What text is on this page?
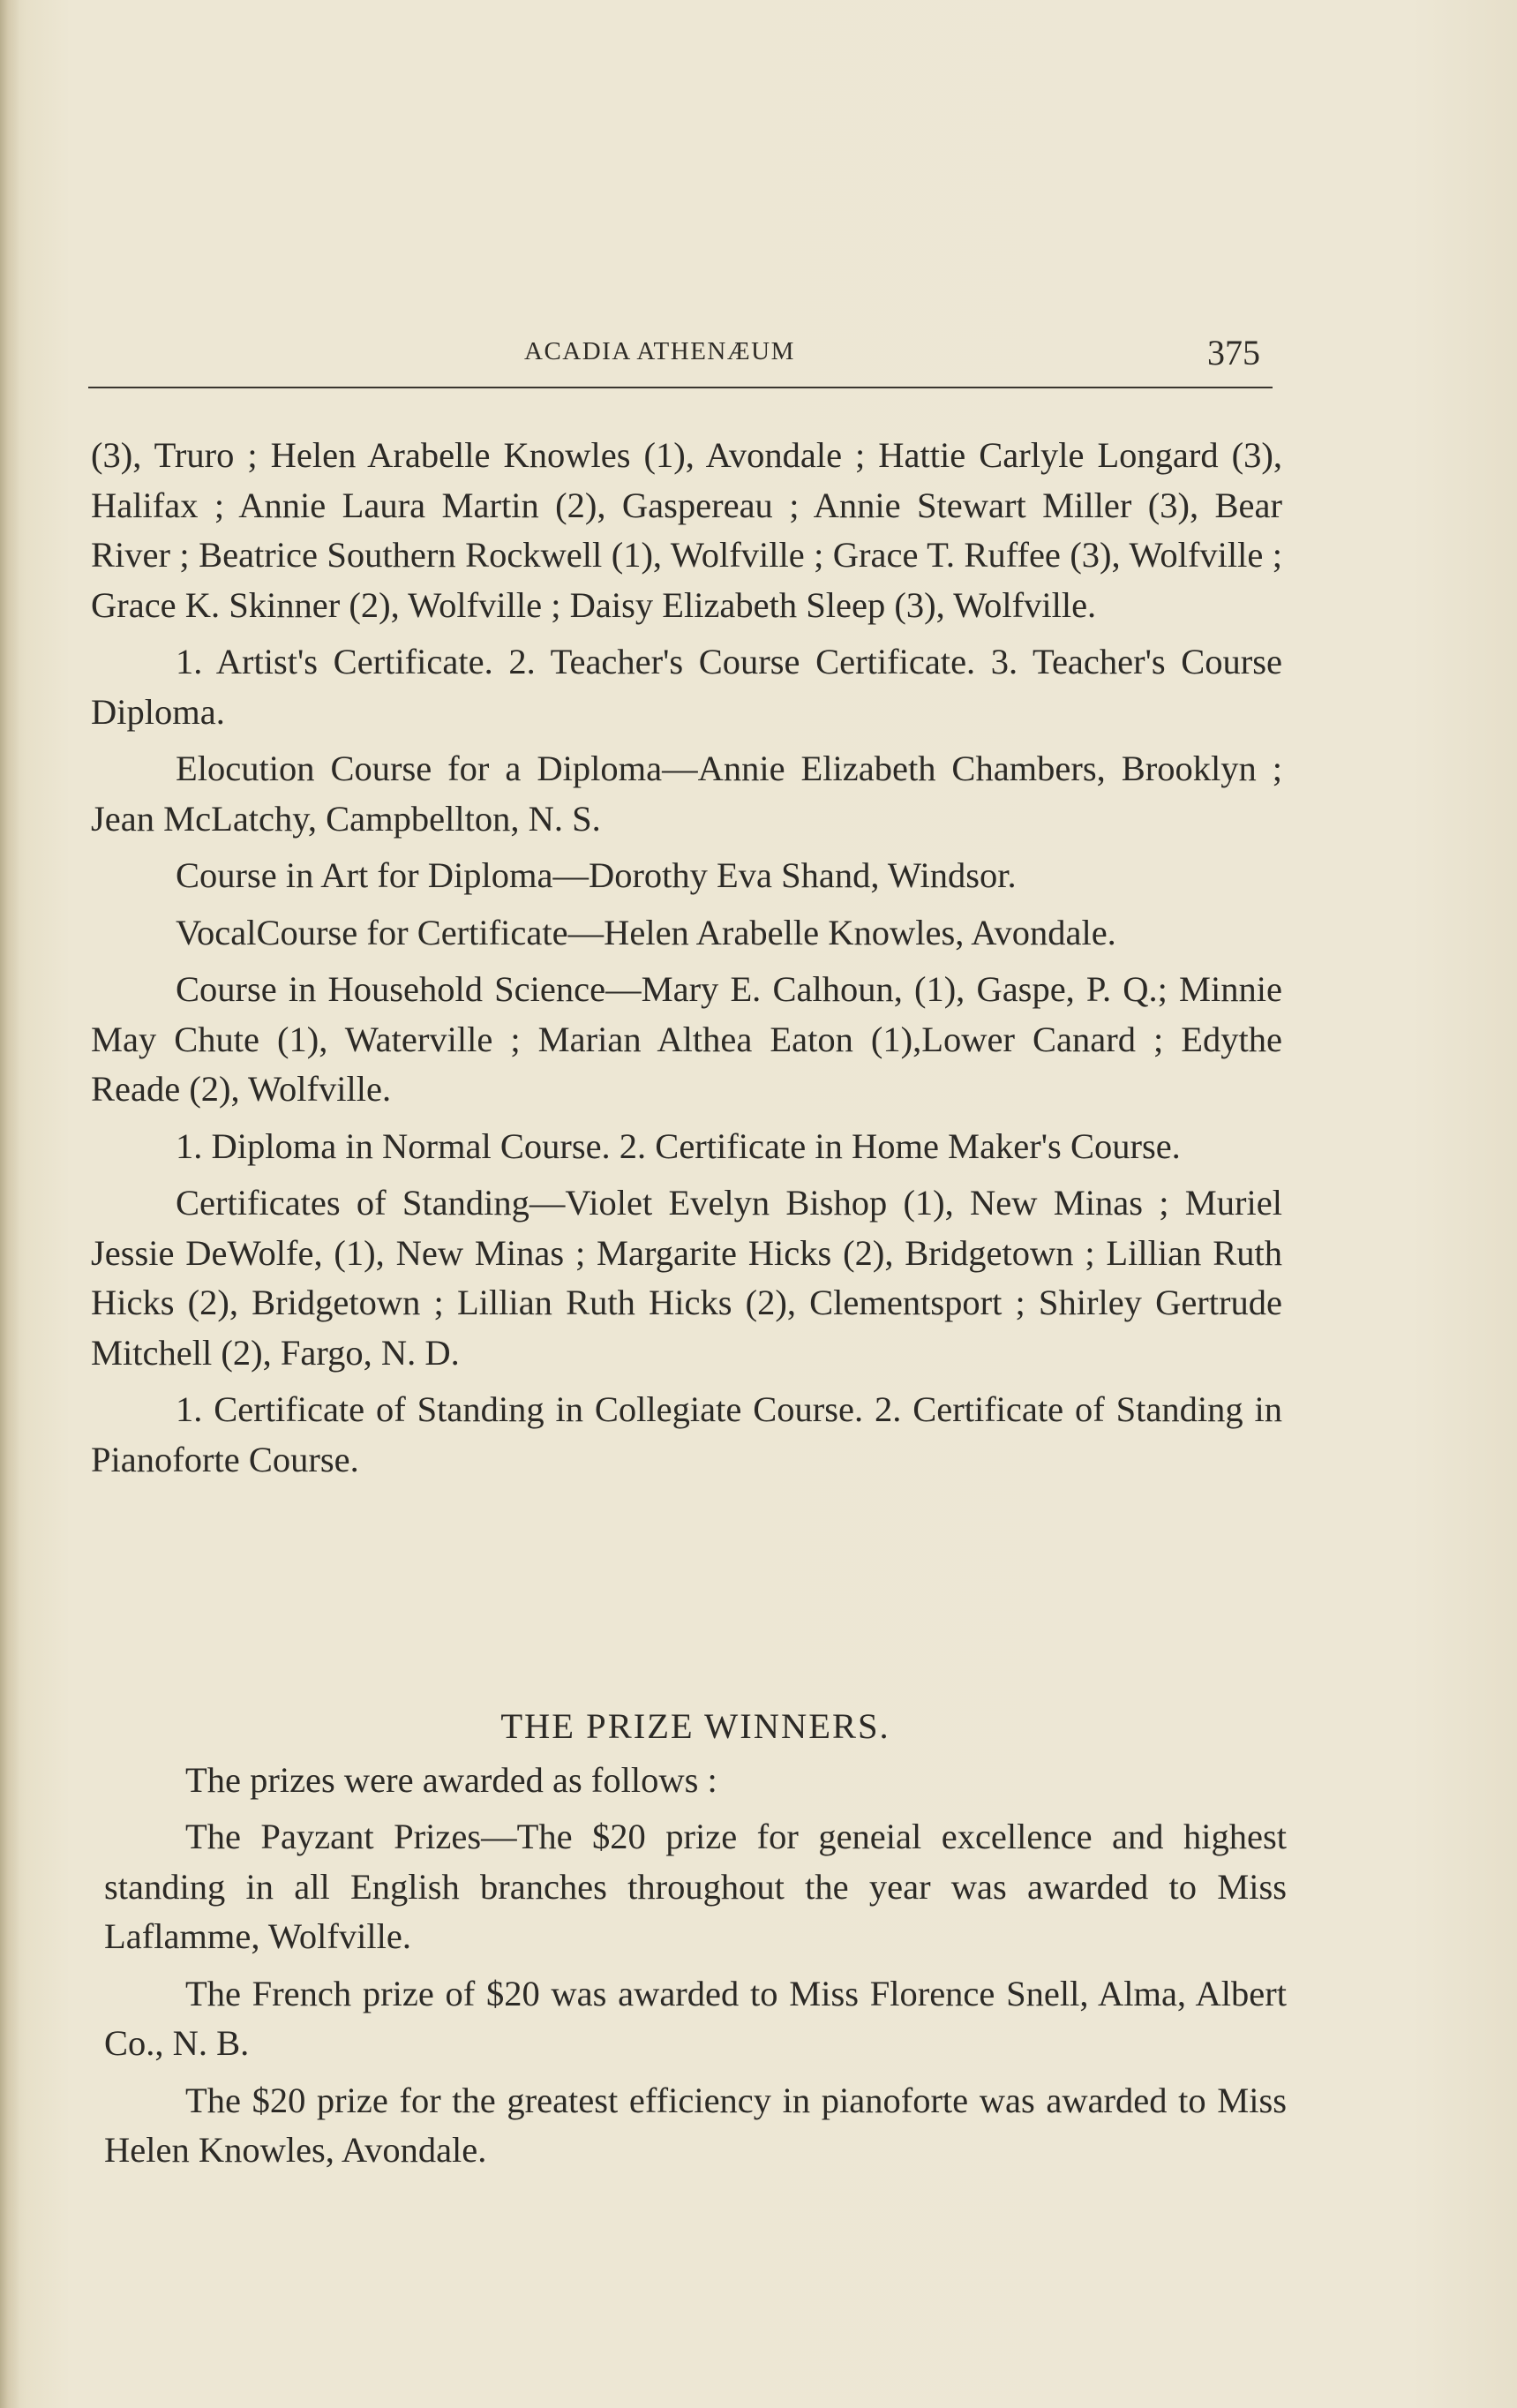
ACADIA ATHENÆUM	375

(3), Truro ; Helen Arabelle Knowles (1), Avondale ; Hattie Carlyle Longard (3), Halifax ; Annie Laura Martin (2), Gaspereau ; Annie Stewart Miller (3), Bear River ; Beatrice Southern Rockwell (1), Wolfville ; Grace T. Ruffee (3), Wolfville ; Grace K. Skinner (2), Wolfville ; Daisy Elizabeth Sleep (3), Wolfville.

1. Artist's Certificate. 2. Teacher's Course Certificate. 3. Teacher's Course Diploma.

Elocution Course for a Diploma—Annie Elizabeth Chambers, Brooklyn ; Jean McLatchy, Campbellton, N. S.

Course in Art for Diploma—Dorothy Eva Shand, Windsor.

VocalCourse for Certificate—Helen Arabelle Knowles, Avondale.

Course in Household Science—Mary E. Calhoun, (1), Gaspe, P. Q.; Minnie May Chute (1), Waterville ; Marian Althea Eaton (1),Lower Canard ; Edythe Reade (2), Wolfville.

1. Diploma in Normal Course. 2. Certificate in Home Maker's Course.

Certificates of Standing—Violet Evelyn Bishop (1), New Minas ; Muriel Jessie DeWolfe, (1), New Minas ; Margarite Hicks (2), Bridgetown ; Lillian Ruth Hicks (2), Bridgetown ; Lillian Ruth Hicks (2), Clementsport ; Shirley Gertrude Mitchell (2), Fargo, N. D.

1. Certificate of Standing in Collegiate Course. 2. Certificate of Standing in Pianoforte Course.

THE PRIZE WINNERS.

The prizes were awarded as follows :

The Payzant Prizes—The $20 prize for geneial excellence and highest standing in all English branches throughout the year was awarded to Miss Laflamme, Wolfville.

The French prize of $20 was awarded to Miss Florence Snell, Alma, Albert Co., N. B.

The $20 prize for the greatest efficiency in pianoforte was awarded to Miss Helen Knowles, Avondale.
